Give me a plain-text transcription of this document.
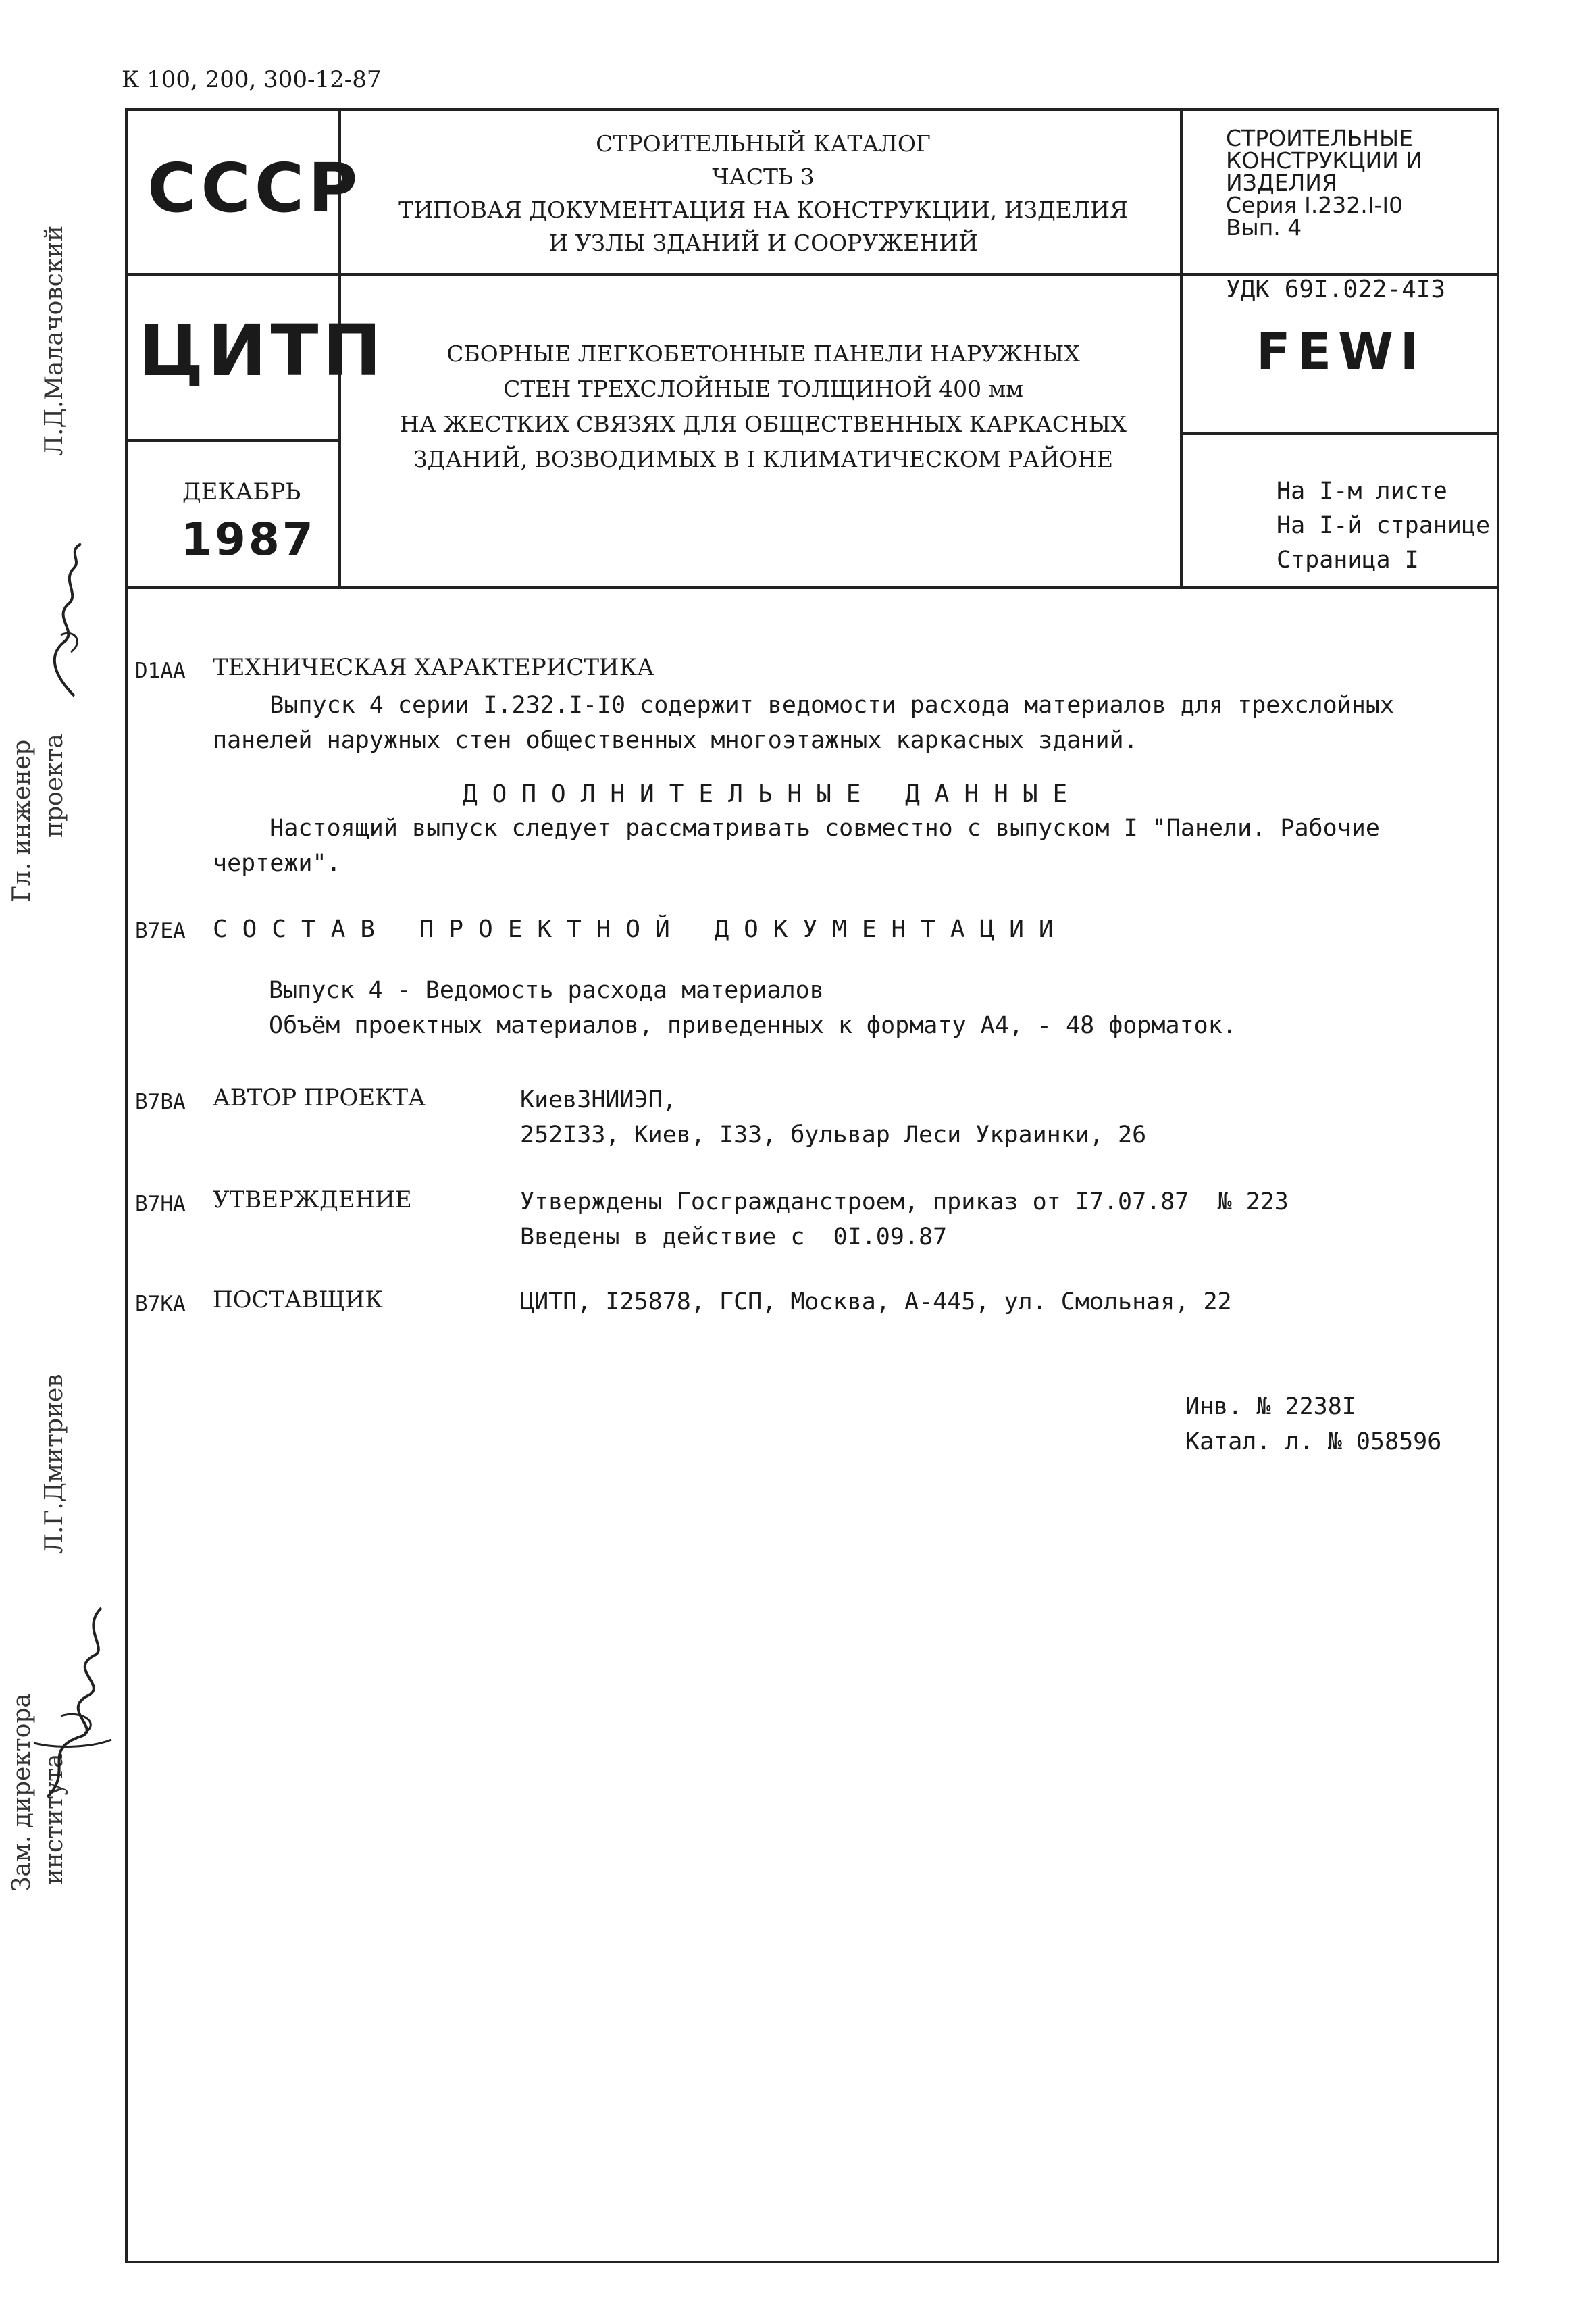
К 100, 200, 300-12-87
СССР
СТРОИТЕЛЬНЫЙ КАТАЛОГ
ЧАСТЬ 3
ТИПОВАЯ ДОКУМЕНТАЦИЯ НА КОНСТРУКЦИИ, ИЗДЕЛИЯ
И УЗЛЫ ЗДАНИЙ И СООРУЖЕНИЙ
СТРОИТЕЛЬНЫЕ
КОНСТРУКЦИИ И
ИЗДЕЛИЯ
Серия I.232.I-I0
Вып. 4
ЦИТП	СБОРНЫЕ ЛЕГКОБЕТОННЫЕ ПАНЕЛИ НАРУЖНЫХ
СТЕН ТРЕХСЛОЙНЫЕ ТОЛЩИНОЙ 400 мм
НА ЖЕСТКИХ СВЯЗЯХ ДЛЯ ОБЩЕСТВЕННЫХ КАРКАСНЫХ
ЗДАНИЙ, ВОЗВОДИМЫХ В I КЛИМАТИЧЕСКОМ РАЙОНЕ
УДК 69I.022-4I3
FEWI
ДЕКАБРЬ
1987
На I-м листе
На I-й странице
Страница I
D1AA ТЕХНИЧЕСКАЯ ХАРАКТЕРИСТИКА
Выпуск 4 серии I.232.I-I0 содержит ведомости расхода материалов для трехслойных
панелей наружных стен общественных многоэтажных каркасных зданий.
ДОПОЛНИТЕЛЬНЫЕ ДАННЫЕ
Настоящий выпуск следует рассматривать совместно с выпуском I "Панели. Рабочие
чертежи".
B7EA СОСТАВ ПРОЕКТНОЙ ДОКУМЕНТАЦИИ
Выпуск 4 - Ведомость расхода материалов
Объём проектных материалов, приведенных к формату А4, - 48 форматок.
B7BA АВТОР ПРОЕКТА	КиевЗНИИЭП,
252I33, Киев, I33, бульвар Леси Украинки, 26
B7HA УТВЕРЖДЕНИЕ	Утверждены Госгражданстроем, приказ от I7.07.87  № 223
Введены в действие с  0I.09.87
B7KA ПОСТАВЩИК	ЦИТП, I25878, ГСП, Москва, А-445, ул. Смольная, 22
Инв. № 2238I
Катал. л. № 058596
Л.Д.Малачовский
Гл. инженер проекта
Л.Г.Дмитриев
Зам. директора института
